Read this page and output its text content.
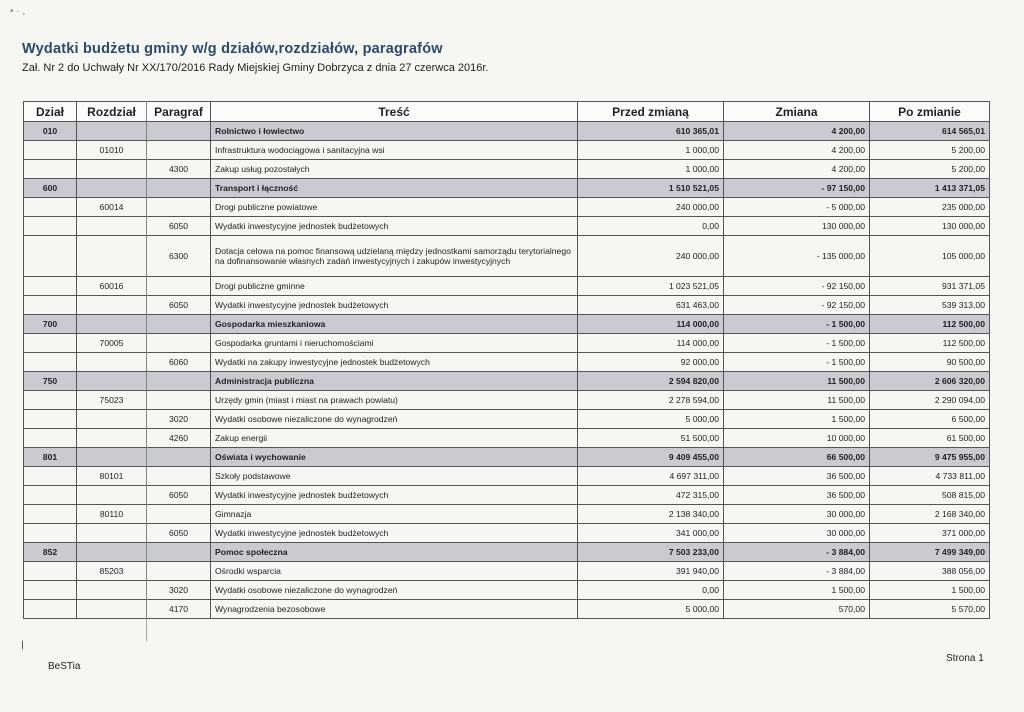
• · ,
Wydatki budżetu gminy w/g działów,rozdziałów, paragrafów
Zał. Nr 2 do Uchwały Nr XX/170/2016 Rady Miejskiej Gminy Dobrzyca z dnia 27 czerwca 2016r.
Dział	Rozdział	Paragraf	Treść	Przed zmianą	Zmiana	Po zmianie
010			Rolnictwo i łowiectwo	610 365,01	4 200,00	614 565,01
	01010		Infrastruktura wodociągowa i sanitacyjna wsi	1 000,00	4 200,00	5 200,00
		4300	Zakup usług pozostałych	1 000,00	4 200,00	5 200,00
600			Transport i łączność	1 510 521,05	- 97 150,00	1 413 371,05
	60014		Drogi publiczne powiatowe	240 000,00	- 5 000,00	235 000,00
		6050	Wydatki inwestycyjne jednostek budżetowych	0,00	130 000,00	130 000,00
		6300	Dotacja celowa na pomoc finansową udzielaną między jednostkami samorządu terytorialnego na dofinansowanie własnych zadań inwestycyjnych i zakupów inwestycyjnych	240 000,00	- 135 000,00	105 000,00
	60016		Drogi publiczne gminne	1 023 521,05	- 92 150,00	931 371,05
		6050	Wydatki inwestycyjne jednostek budżetowych	631 463,00	- 92 150,00	539 313,00
700			Gospodarka mieszkaniowa	114 000,00	- 1 500,00	112 500,00
	70005		Gospodarka gruntami i nieruchomościami	114 000,00	- 1 500,00	112 500,00
		6060	Wydatki na zakupy inwestycyjne jednostek budżetowych	92 000,00	- 1 500,00	90 500,00
750			Administracja publiczna	2 594 820,00	11 500,00	2 606 320,00
	75023		Urzędy gmin (miast i miast na prawach powiatu)	2 278 594,00	11 500,00	2 290 094,00
		3020	Wydatki osobowe niezaliczone do wynagrodzeń	5 000,00	1 500,00	6 500,00
		4260	Zakup energii	51 500,00	10 000,00	61 500,00
801			Oświata i wychowanie	9 409 455,00	66 500,00	9 475 955,00
	80101		Szkoły podstawowe	4 697 311,00	36 500,00	4 733 811,00
		6050	Wydatki inwestycyjne jednostek budżetowych	472 315,00	36 500,00	508 815,00
	80110		Gimnazja	2 138 340,00	30 000,00	2 168 340,00
		6050	Wydatki inwestycyjne jednostek budżetowych	341 000,00	30 000,00	371 000,00
852			Pomoc społeczna	7 503 233,00	- 3 884,00	7 499 349,00
	85203		Ośrodki wsparcia	391 940,00	- 3 884,00	388 056,00
		3020	Wydatki osobowe niezaliczone do wynagrodzeń	0,00	1 500,00	1 500,00
		4170	Wynagrodzenia bezosobowe	5 000,00	570,00	5 570,00
BeSTia
Strona 1
